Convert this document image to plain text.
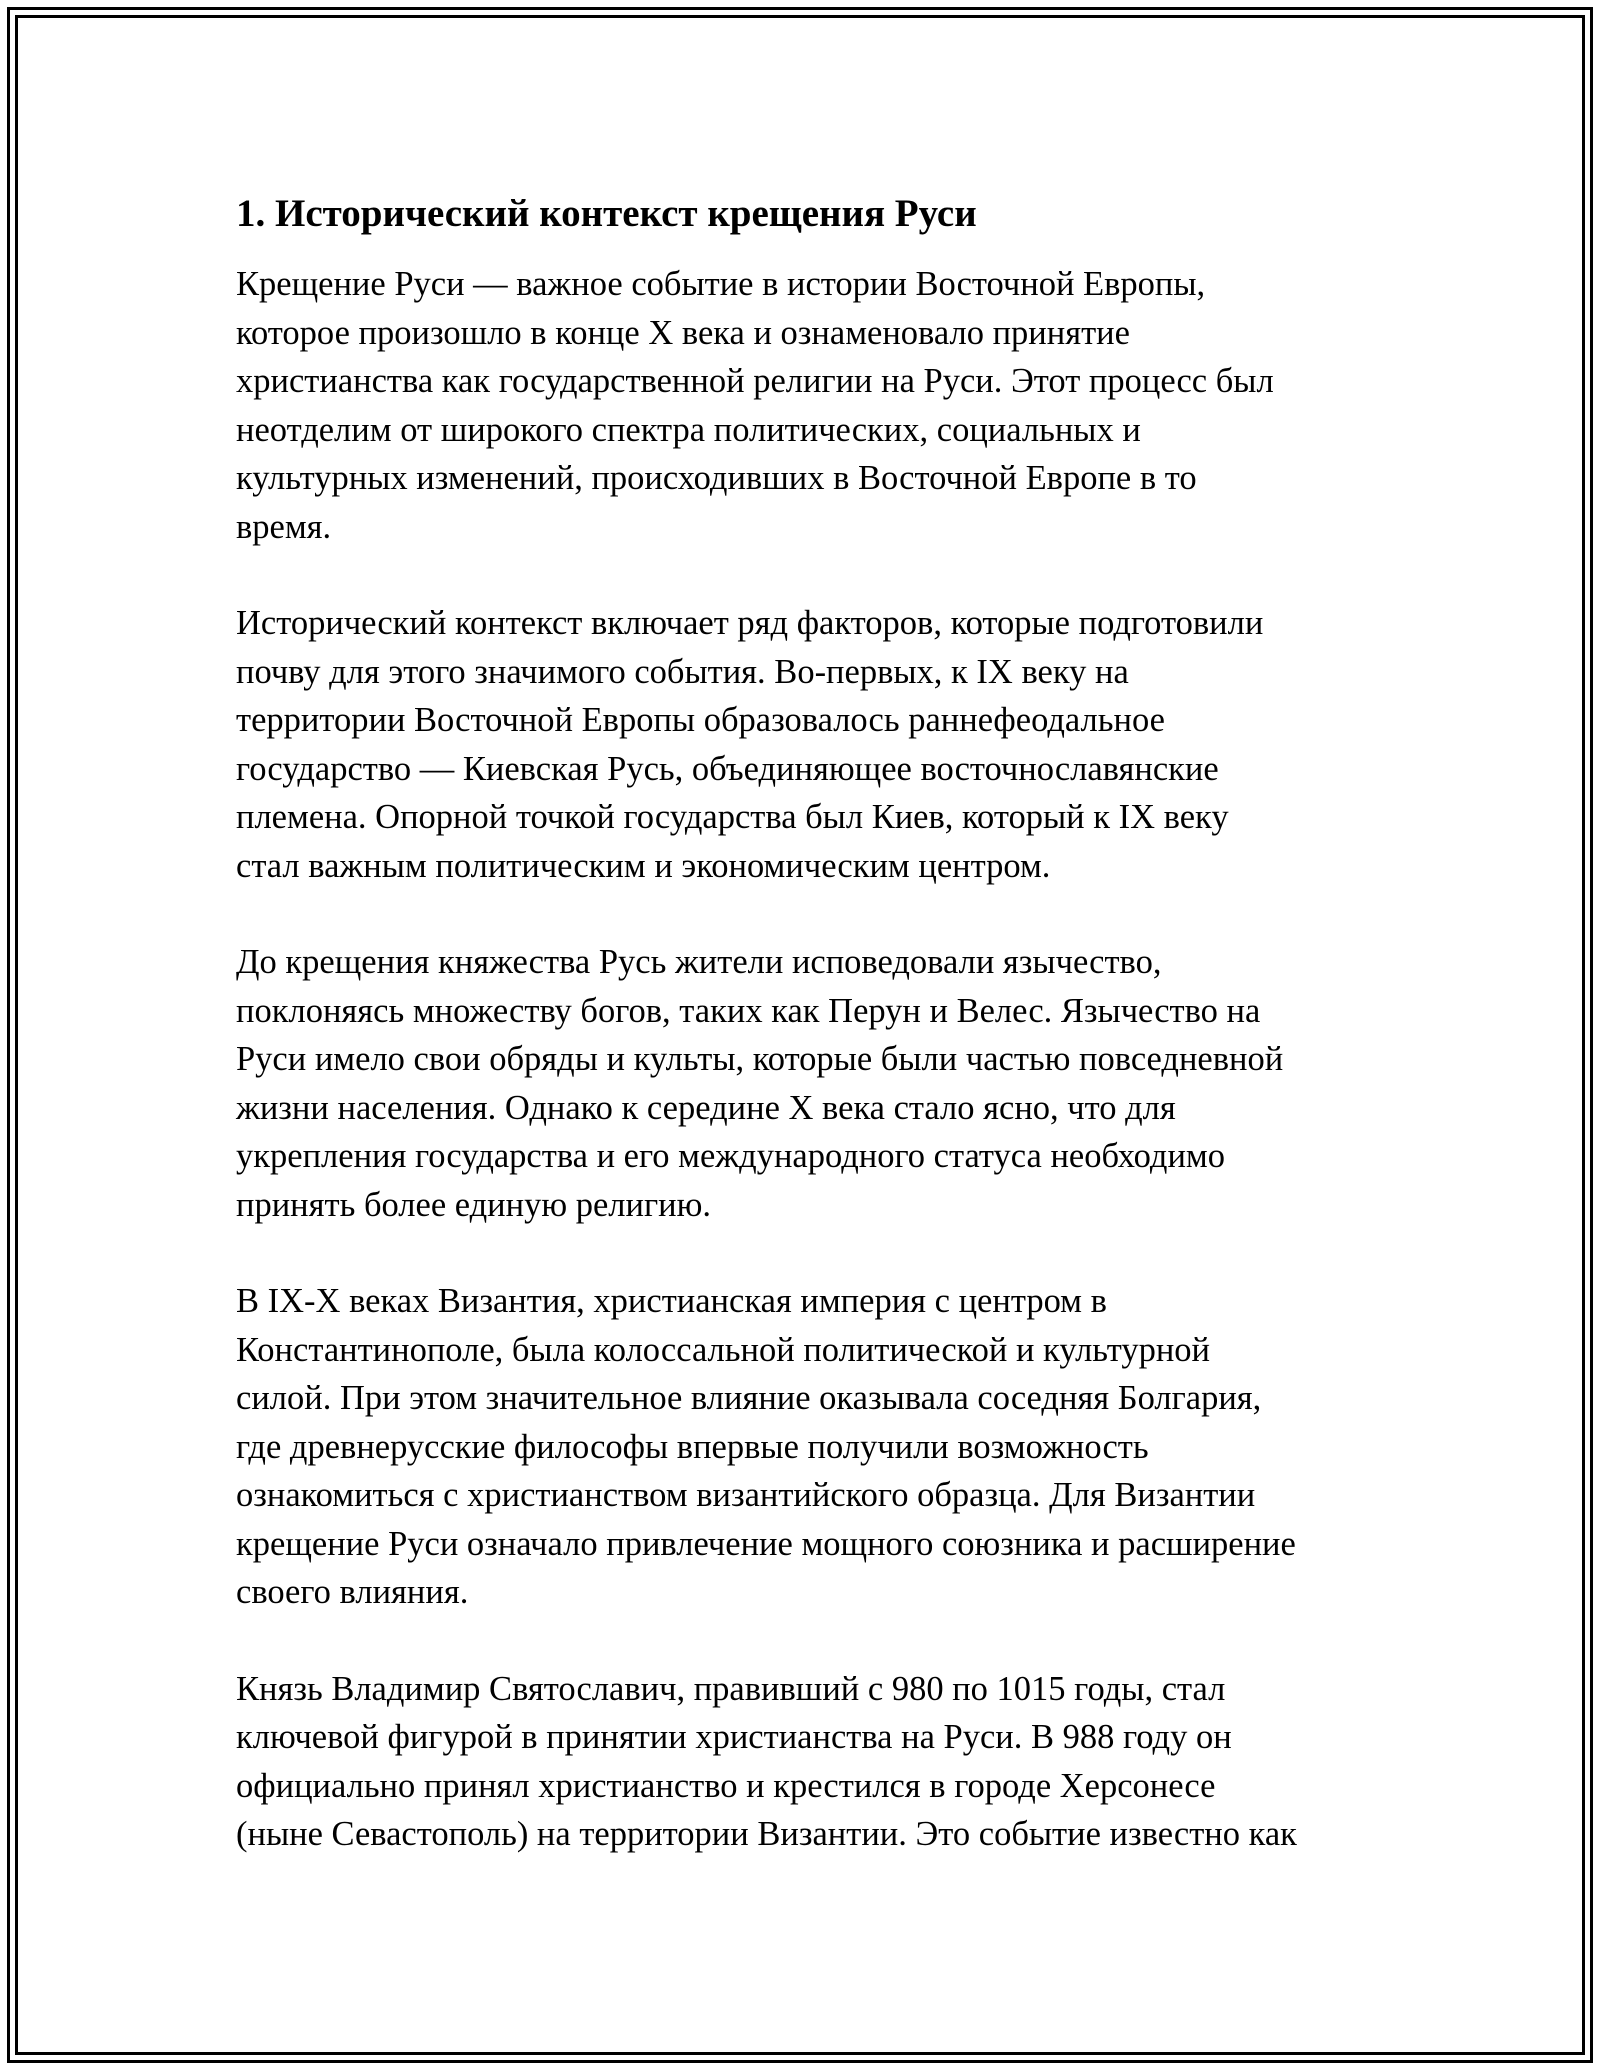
1. Исторический контекст крещения Руси

Крещение Руси — важное событие в истории Восточной Европы,
которое произошло в конце X века и ознаменовало принятие
христианства как государственной религии на Руси. Этот процесс был
неотделим от широкого спектра политических, социальных и
культурных изменений, происходивших в Восточной Европе в то
время.

Исторический контекст включает ряд факторов, которые подготовили
почву для этого значимого события. Во-первых, к IX веку на
территории Восточной Европы образовалось раннефеодальное
государство — Киевская Русь, объединяющее восточнославянские
племена. Опорной точкой государства был Киев, который к IX веку
стал важным политическим и экономическим центром.

До крещения княжества Русь жители исповедовали язычество,
поклоняясь множеству богов, таких как Перун и Велес. Язычество на
Руси имело свои обряды и культы, которые были частью повседневной
жизни населения. Однако к середине X века стало ясно, что для
укрепления государства и его международного статуса необходимо
принять более единую религию.

В IX-X веках Византия, христианская империя с центром в
Константинополе, была колоссальной политической и культурной
силой. При этом значительное влияние оказывала соседняя Болгария,
где древнерусские философы впервые получили возможность
ознакомиться с христианством византийского образца. Для Византии
крещение Руси означало привлечение мощного союзника и расширение
своего влияния.

Князь Владимир Святославич, правивший с 980 по 1015 годы, стал
ключевой фигурой в принятии христианства на Руси. В 988 году он
официально принял христианство и крестился в городе Херсонесе
(ныне Севастополь) на территории Византии. Это событие известно как
